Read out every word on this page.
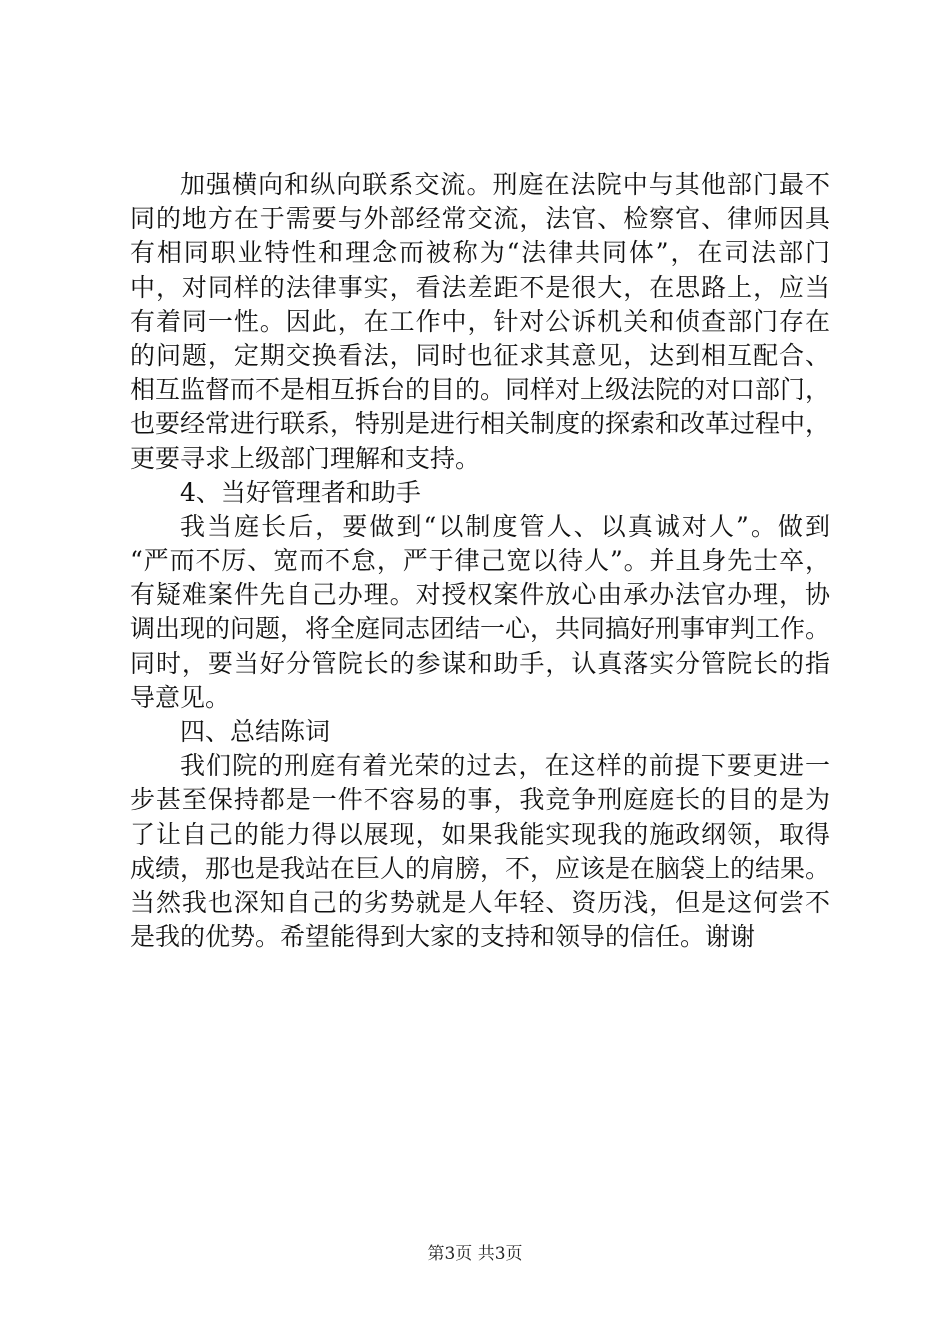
加强横向和纵向联系交流。刑庭在法院中与其他部门最不
同的地方在于需要与外部经常交流，法官、检察官、律师因具
有相同职业特性和理念而被称为“法律共同体”，在司法部门
中，对同样的法律事实，看法差距不是很大，在思路上，应当
有着同一性。因此，在工作中，针对公诉机关和侦查部门存在
的问题，定期交换看法，同时也征求其意见，达到相互配合、
相互监督而不是相互拆台的目的。同样对上级法院的对口部门，
也要经常进行联系，特别是进行相关制度的探索和改革过程中，
更要寻求上级部门理解和支持。
4、当好管理者和助手
我当庭长后，要做到“以制度管人、以真诚对人”。做到
“严而不厉、宽而不怠，严于律己宽以待人”。并且身先士卒，
有疑难案件先自己办理。对授权案件放心由承办法官办理，协
调出现的问题，将全庭同志团结一心，共同搞好刑事审判工作。
同时，要当好分管院长的参谋和助手，认真落实分管院长的指
导意见。
四、总结陈词
我们院的刑庭有着光荣的过去，在这样的前提下要更进一
步甚至保持都是一件不容易的事，我竞争刑庭庭长的目的是为
了让自己的能力得以展现，如果我能实现我的施政纲领，取得
成绩，那也是我站在巨人的肩膀，不，应该是在脑袋上的结果。
当然我也深知自己的劣势就是人年轻、资历浅，但是这何尝不
是我的优势。希望能得到大家的支持和领导的信任。谢谢
第3页 共3页
